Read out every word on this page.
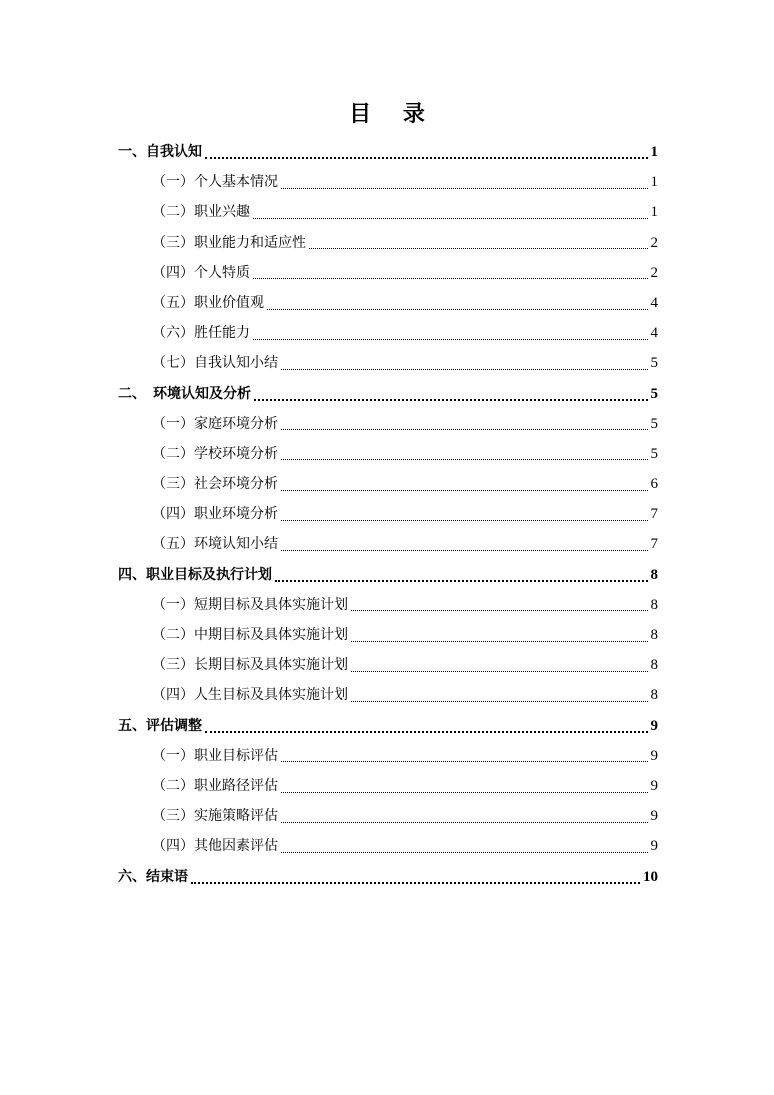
目 录
一、自我认知	1
（一）个人基本情况	1
（二）职业兴趣	1
（三）职业能力和适应性	2
（四）个人特质	2
（五）职业价值观	4
（六）胜任能力	4
（七）自我认知小结	5
二、　环境认知及分析	5
（一）家庭环境分析	5
（二）学校环境分析	5
（三）社会环境分析	6
（四）职业环境分析	7
（五）环境认知小结	7
四、职业目标及执行计划	8
（一）短期目标及具体实施计划	8
（二）中期目标及具体实施计划	8
（三）长期目标及具体实施计划	8
（四）人生目标及具体实施计划	8
五、评估调整	9
（一）职业目标评估	9
（二）职业路径评估	9
（三）实施策略评估	9
（四）其他因素评估	9
六、结束语	10
